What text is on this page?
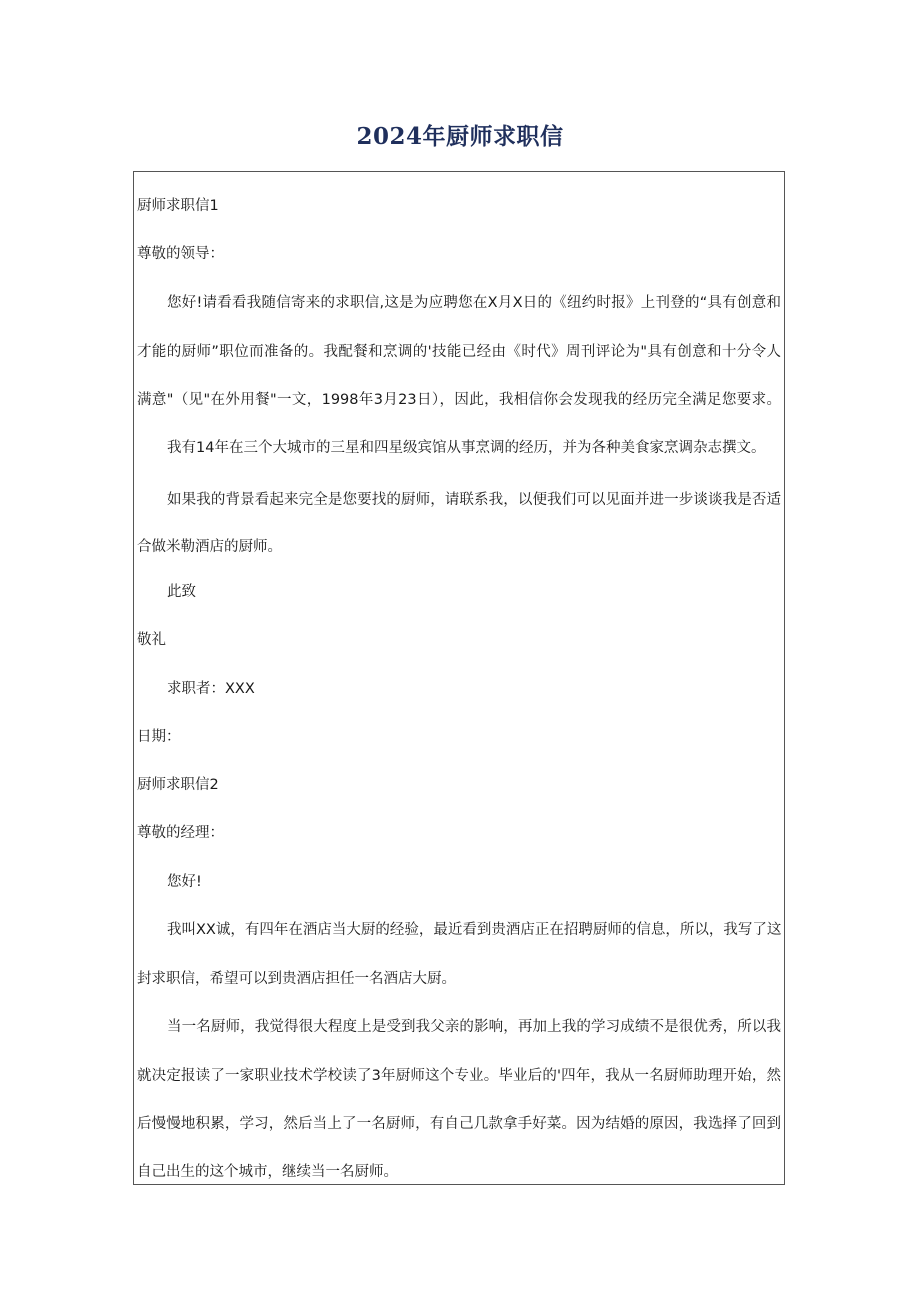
2024年厨师求职信

厨师求职信1

尊敬的领导：

您好!请看看我随信寄来的求职信,这是为应聘您在X月X日的《纽约时报》上刊登的“具有创意和

才能的厨师”职位而准备的。我配餐和烹调的'技能已经由《时代》周刊评论为"具有创意和十分令人

满意"（见"在外用餐"一文，1998年3月23日），因此，我相信你会发现我的经历完全满足您要求。

我有14年在三个大城市的三星和四星级宾馆从事烹调的经历，并为各种美食家烹调杂志撰文。

如果我的背景看起来完全是您要找的厨师，请联系我，以便我们可以见面并进一步谈谈我是否适

合做米勒酒店的厨师。

此致

敬礼

求职者：XXX

日期：

厨师求职信2

尊敬的经理：

您好!

我叫XX诚，有四年在酒店当大厨的经验，最近看到贵酒店正在招聘厨师的信息，所以，我写了这

封求职信，希望可以到贵酒店担任一名酒店大厨。

当一名厨师，我觉得很大程度上是受到我父亲的影响，再加上我的学习成绩不是很优秀，所以我

就决定报读了一家职业技术学校读了3年厨师这个专业。毕业后的'四年，我从一名厨师助理开始，然

后慢慢地积累，学习，然后当上了一名厨师，有自己几款拿手好菜。因为结婚的原因，我选择了回到

自己出生的这个城市，继续当一名厨师。
